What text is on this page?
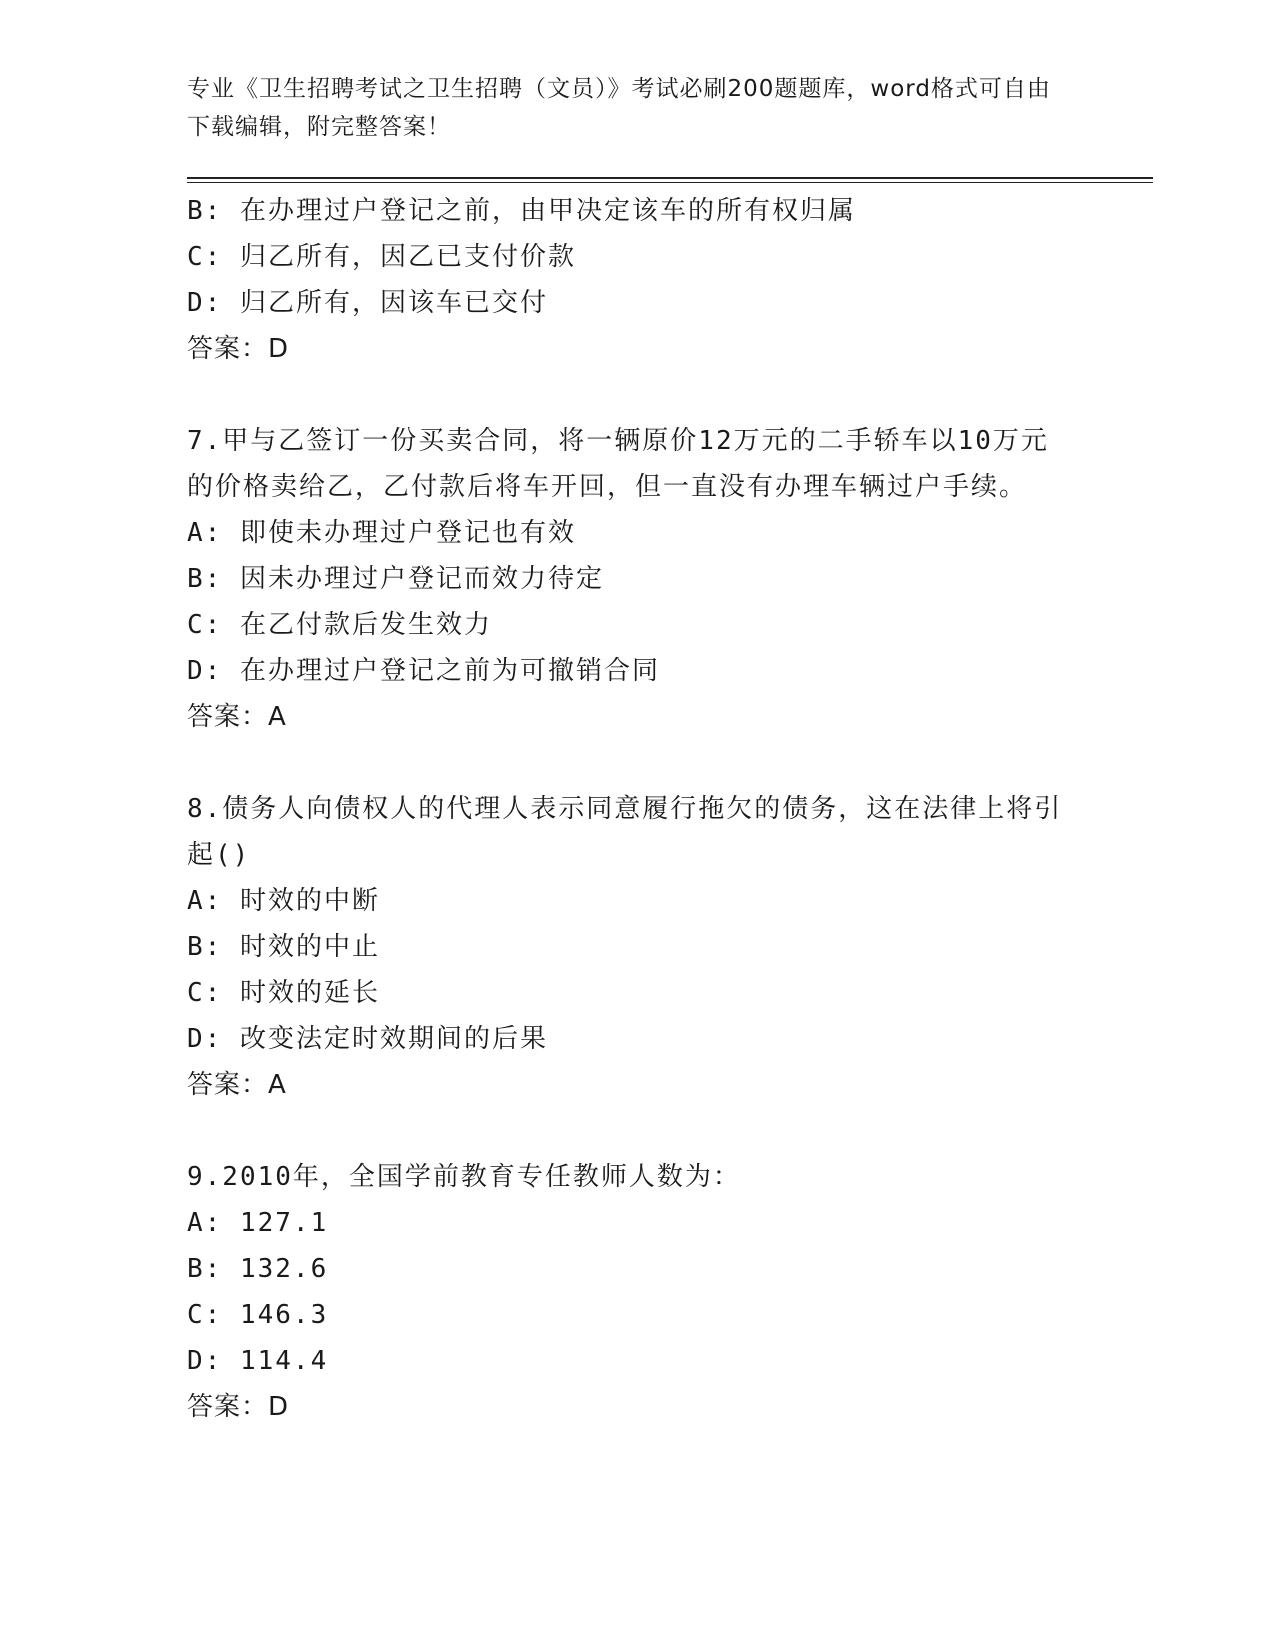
专业《卫生招聘考试之卫生招聘（文员）》考试必刷200题题库，word格式可自由下载编辑，附完整答案！
B: 在办理过户登记之前，由甲决定该车的所有权归属
C: 归乙所有，因乙已支付价款
D: 归乙所有，因该车已交付
答案：D
7.甲与乙签订一份买卖合同，将一辆原价12万元的二手轿车以10万元的价格卖给乙，乙付款后将车开回，但一直没有办理车辆过户手续。
A: 即使未办理过户登记也有效
B: 因未办理过户登记而效力待定
C: 在乙付款后发生效力
D: 在办理过户登记之前为可撤销合同
答案：A
8.债务人向债权人的代理人表示同意履行拖欠的债务，这在法律上将引起()
A: 时效的中断
B: 时效的中止
C: 时效的延长
D: 改变法定时效期间的后果
答案：A
9.2010年，全国学前教育专任教师人数为：
A: 127.1
B: 132.6
C: 146.3
D: 114.4
答案：D
